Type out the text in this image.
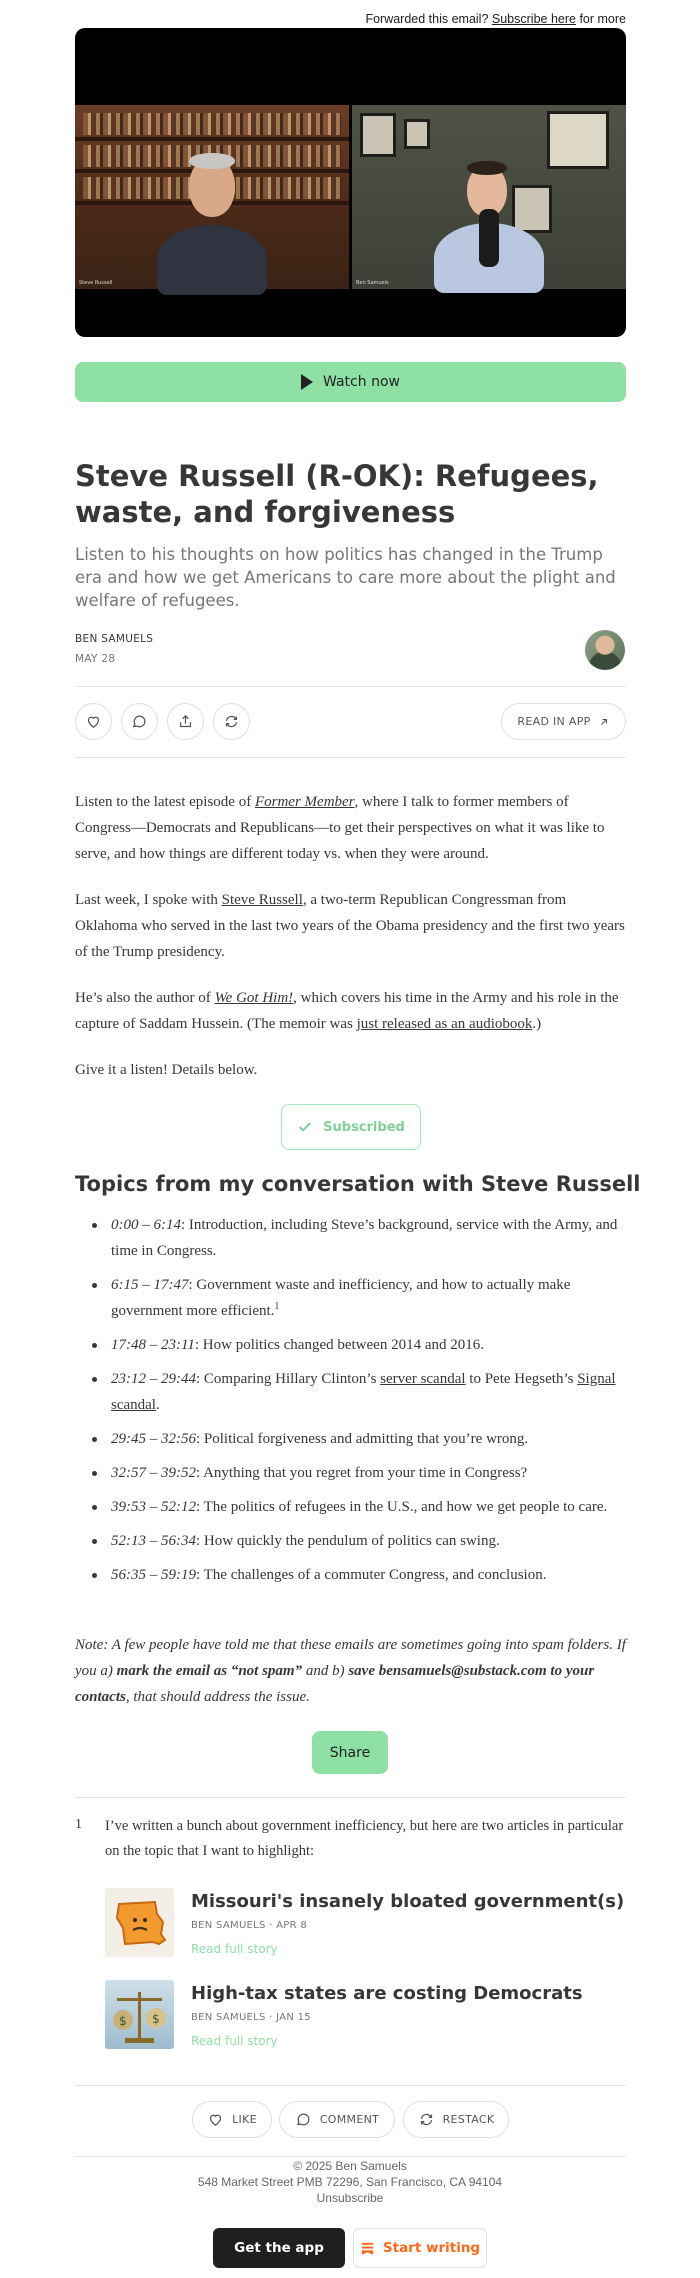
Forwarded this email? Subscribe here for more
Steve Russell	Ben Samuels
Watch now
Steve Russell (R-OK): Refugees, waste, and forgiveness
Listen to his thoughts on how politics has changed in the Trump era and how we get Americans to care more about the plight and welfare of refugees.
BEN SAMUELS
MAY 28
READ IN APP

Listen to the latest episode of Former Member, where I talk to former members of Congress—Democrats and Republicans—to get their perspectives on what it was like to serve, and how things are different today vs. when they were around.

Last week, I spoke with Steve Russell, a two-term Republican Congressman from Oklahoma who served in the last two years of the Obama presidency and the first two years of the Trump presidency.

He’s also the author of We Got Him!, which covers his time in the Army and his role in the capture of Saddam Hussein. (The memoir was just released as an audiobook.)

Give it a listen! Details below.

Subscribed
Topics from my conversation with Steve Russell
0:00 – 6:14: Introduction, including Steve’s background, service with the Army, and time in Congress.
6:15 – 17:47: Government waste and inefficiency, and how to actually make government more efficient.$^1$
17:48 – 23:11: How politics changed between 2014 and 2016.
23:12 – 29:44: Comparing Hillary Clinton’s server scandal to Pete Hegseth’s Signal scandal.
29:45 – 32:56: Political forgiveness and admitting that you’re wrong.
32:57 – 39:52: Anything that you regret from your time in Congress?
39:53 – 52:12: The politics of refugees in the U.S., and how we get people to care.
52:13 – 56:34: How quickly the pendulum of politics can swing.
56:35 – 59:19: The challenges of a commuter Congress, and conclusion.

Note: A few people have told me that these emails are sometimes going into spam folders. If you a) mark the email as “not spam” and b) save bensamuels@substack.com to your contacts, that should address the issue.

Share
1 I’ve written a bunch about government inefficiency, but here are two articles in particular on the topic that I want to highlight:
Missouri's insanely bloated government(s)
BEN SAMUELS · APR 8
Read full story
$ $
High-tax states are costing Democrats
BEN SAMUELS · JAN 15
Read full story
LIKE	COMMENT	RESTACK
© 2025 Ben Samuels
548 Market Street PMB 72296, San Francisco, CA 94104
Unsubscribe
Get the app	Start writing
